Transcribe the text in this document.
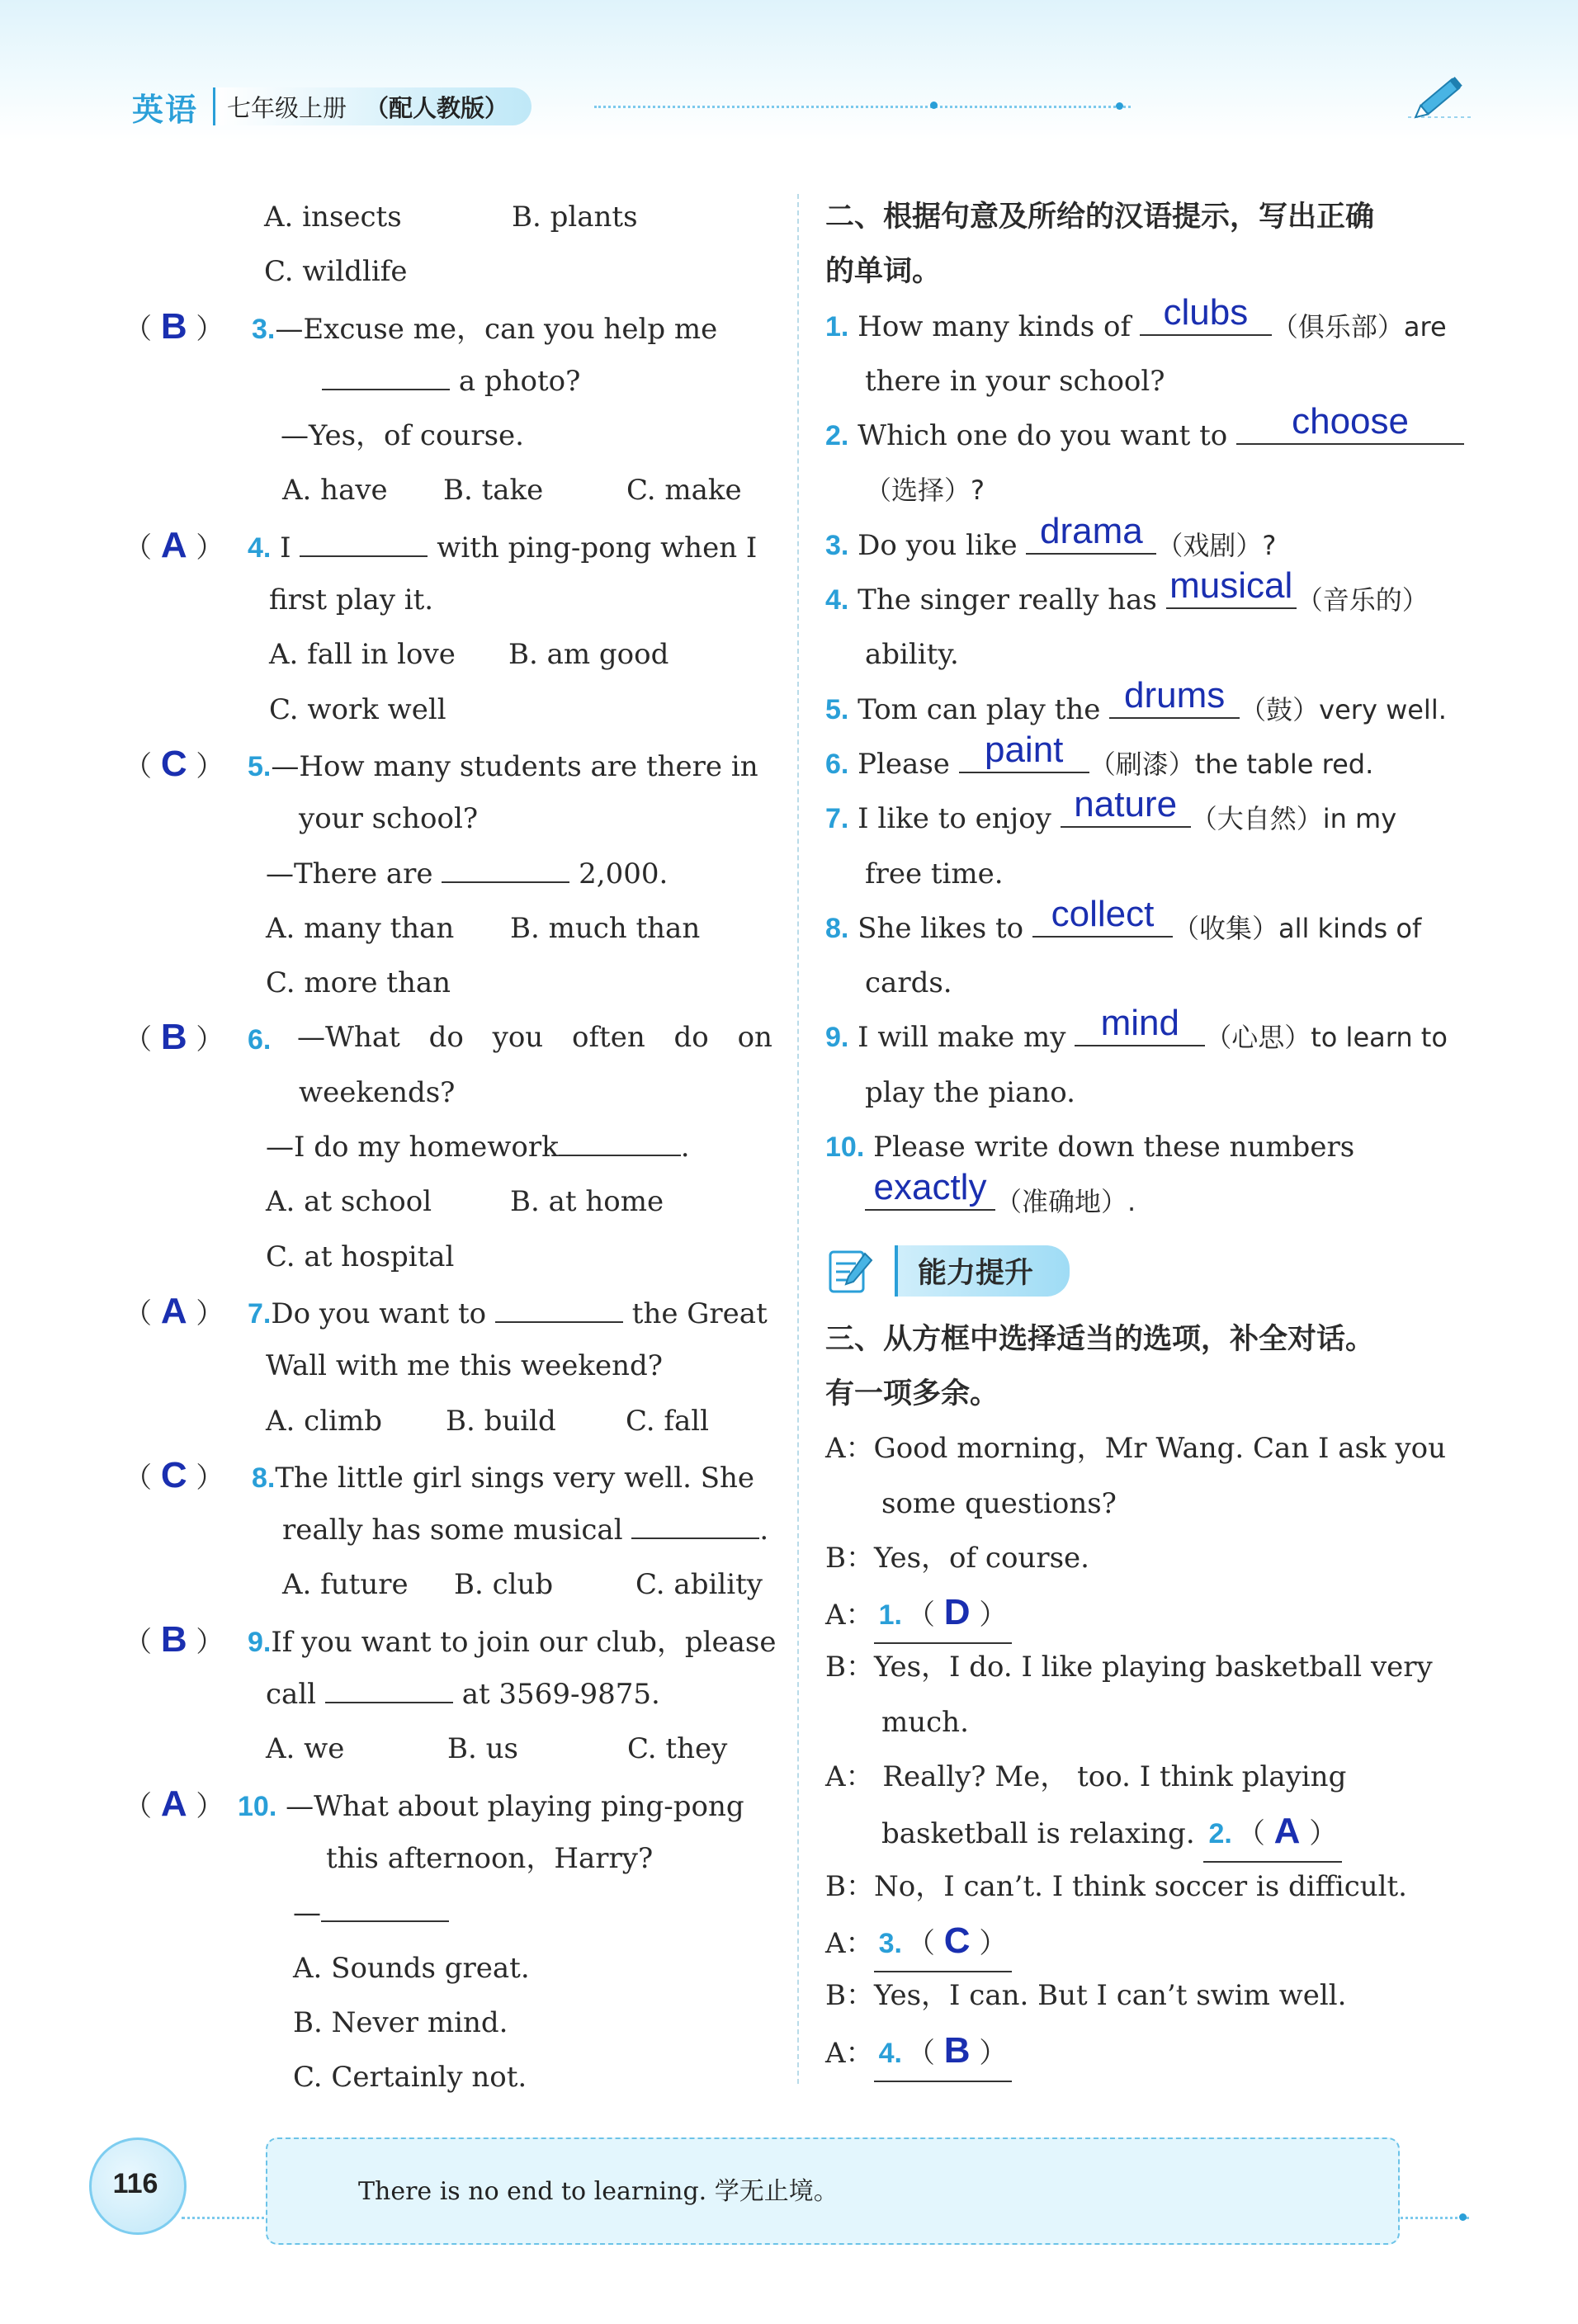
英语 七年级上册 （配人教版）
A. insects	B. plants
C. wildlife
（ B ） 3.—Excuse me，can you help me
a photo?
—Yes，of course.
A. have B. take	C. make
（ A ） 4. I	with ping-pong when I
first play it.
A. fall in love B. am good
C. work well
（ C ） 5.—How many students are there in
your school?
—There are	2,000.
A. many than B. much than
C. more than
（ B ） 6. —What do you often do on
weekends?
—I do my homework	.
A. at school	B. at home
C. at hospital
（ A ） 7.Do you want to	the Great
Wall with me this weekend?
A. climb B. build C. fall
（ C ） 8.The little girl sings very well. She
really has some musical	.
A. future B. club	C. ability
（ B ） 9.If you want to join our club，please
call	at 3569-9875.
A. we	B. us	C. they
（ A ） 10. —What about playing ping-pong
this afternoon，Harry?
—
A. Sounds great.
B. Never mind.
C. Certainly not.
二、根据句意及所给的汉语提示，写出正确
的单词。
1. How many kinds of clubs （俱乐部）are
there in your school?
2. Which one do you want to	choose
（选择）?
3. Do you like drama （戏剧）?
4. The singer really has musical （音乐的）
ability.
5. Tom can play the drums （鼓）very well.
6. Please paint （刷漆）the table red.
7. I like to enjoy nature （大自然）in my
free time.
8. She likes to collect （收集）all kinds of
cards.
9. I will make my mind （心思）to learn to
play the piano.
10. Please write down these numbers
exactly （准确地）.
能力提升
三、从方框中选择适当的选项，补全对话。
有一项多余。
A：Good morning，Mr Wang. Can I ask you
some questions?
B：Yes，of course.
A： 1. （ D ）
B：Yes，I do. I like playing basketball very
much.
A： Really? Me， too. I think playing
basketball is relaxing. 2. （ A ）
B：No，I can’t. I think soccer is difficult.
A： 3. （ C ）
B：Yes，I can. But I can’t swim well.
A： 4. （ B ）
There is no end to learning. 学无止境。
116
